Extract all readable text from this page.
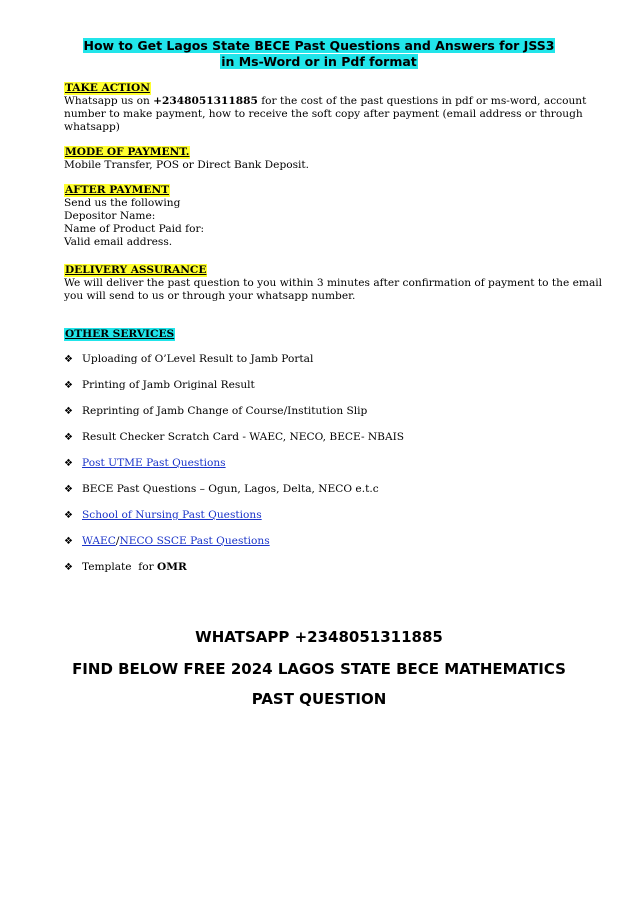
How to Get Lagos State BECE Past Questions and Answers for JSS3
in Ms-Word or in Pdf format
TAKE ACTION
Whatsapp us on +2348051311885 for the cost of the past questions in pdf or ms-word, account number to make payment, how to receive the soft copy after payment (email address or through whatsapp)
MODE OF PAYMENT.
Mobile Transfer, POS or Direct Bank Deposit.
AFTER PAYMENT
Send us the following
Depositor Name:
Name of Product Paid for:
Valid email address.
DELIVERY ASSURANCE
We will deliver the past question to you within 3 minutes after confirmation of payment to the email you will send to us or through your whatsapp number.
OTHER SERVICES
❖ Uploading of O’Level Result to Jamb Portal
❖ Printing of Jamb Original Result
❖ Reprinting of Jamb Change of Course/Institution Slip
❖ Result Checker Scratch Card - WAEC, NECO, BECE- NBAIS
❖ Post UTME Past Questions
❖ BECE Past Questions – Ogun, Lagos, Delta, NECO e.t.c
❖ School of Nursing Past Questions
❖ WAEC/NECO SSCE Past Questions
❖ Template  for OMR
WHATSAPP +2348051311885
FIND BELOW FREE 2024 LAGOS STATE BECE MATHEMATICS
PAST QUESTION
